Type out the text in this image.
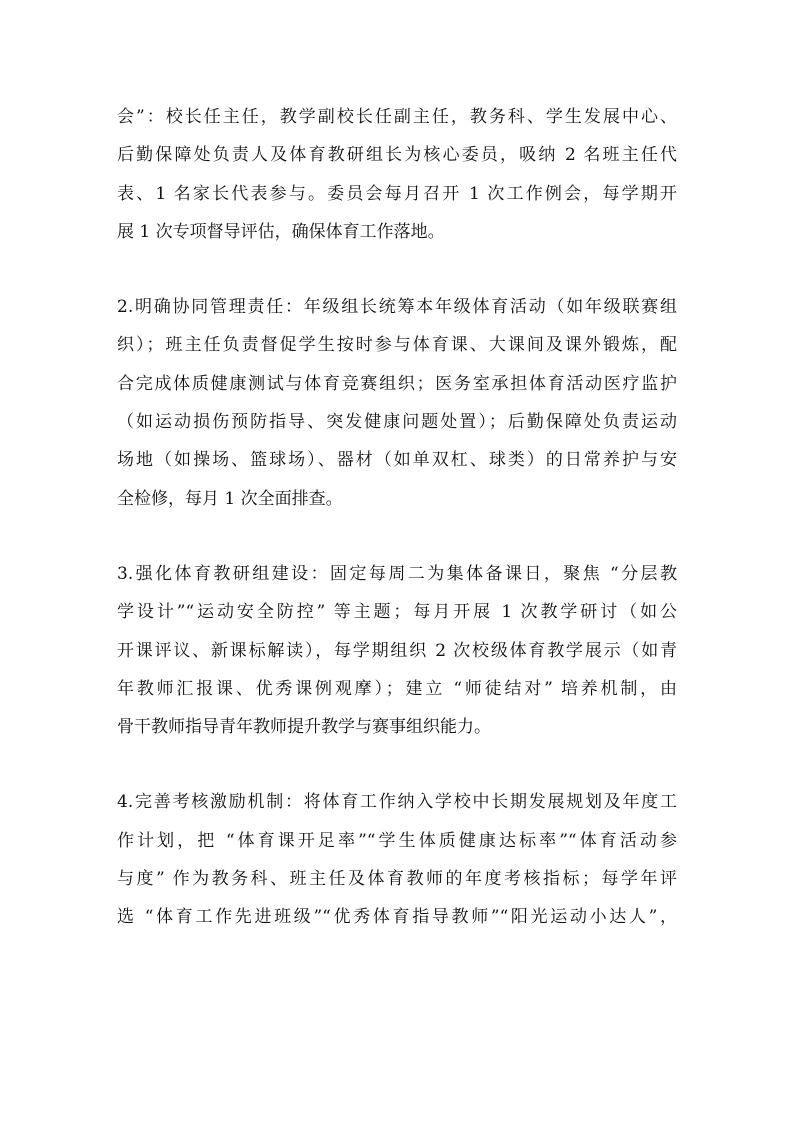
会”：校长任主任，教学副校长任副主任，教务科、学生发展中心、
后勤保障处负责人及体育教研组长为核心委员，吸纳 2 名班主任代
表、1 名家长代表参与。委员会每月召开 1 次工作例会，每学期开
展 1 次专项督导评估，确保体育工作落地。
2.明确协同管理责任：年级组长统筹本年级体育活动（如年级联赛组
织）；班主任负责督促学生按时参与体育课、大课间及课外锻炼，配
合完成体质健康测试与体育竞赛组织；医务室承担体育活动医疗监护
（如运动损伤预防指导、突发健康问题处置）；后勤保障处负责运动
场地（如操场、篮球场）、器材（如单双杠、球类）的日常养护与安
全检修，每月 1 次全面排查。
3.强化体育教研组建设：固定每周二为集体备课日，聚焦 “分层教
学设计”“运动安全防控” 等主题；每月开展 1 次教学研讨（如公
开课评议、新课标解读），每学期组织 2 次校级体育教学展示（如青
年教师汇报课、优秀课例观摩）；建立 “师徒结对” 培养机制，由
骨干教师指导青年教师提升教学与赛事组织能力。
4.完善考核激励机制：将体育工作纳入学校中长期发展规划及年度工
作计划，把 “体育课开足率”“学生体质健康达标率”“体育活动参
与度” 作为教务科、班主任及体育教师的年度考核指标；每学年评
选 “体育工作先进班级”“优秀体育指导教师”“阳光运动小达人”，
